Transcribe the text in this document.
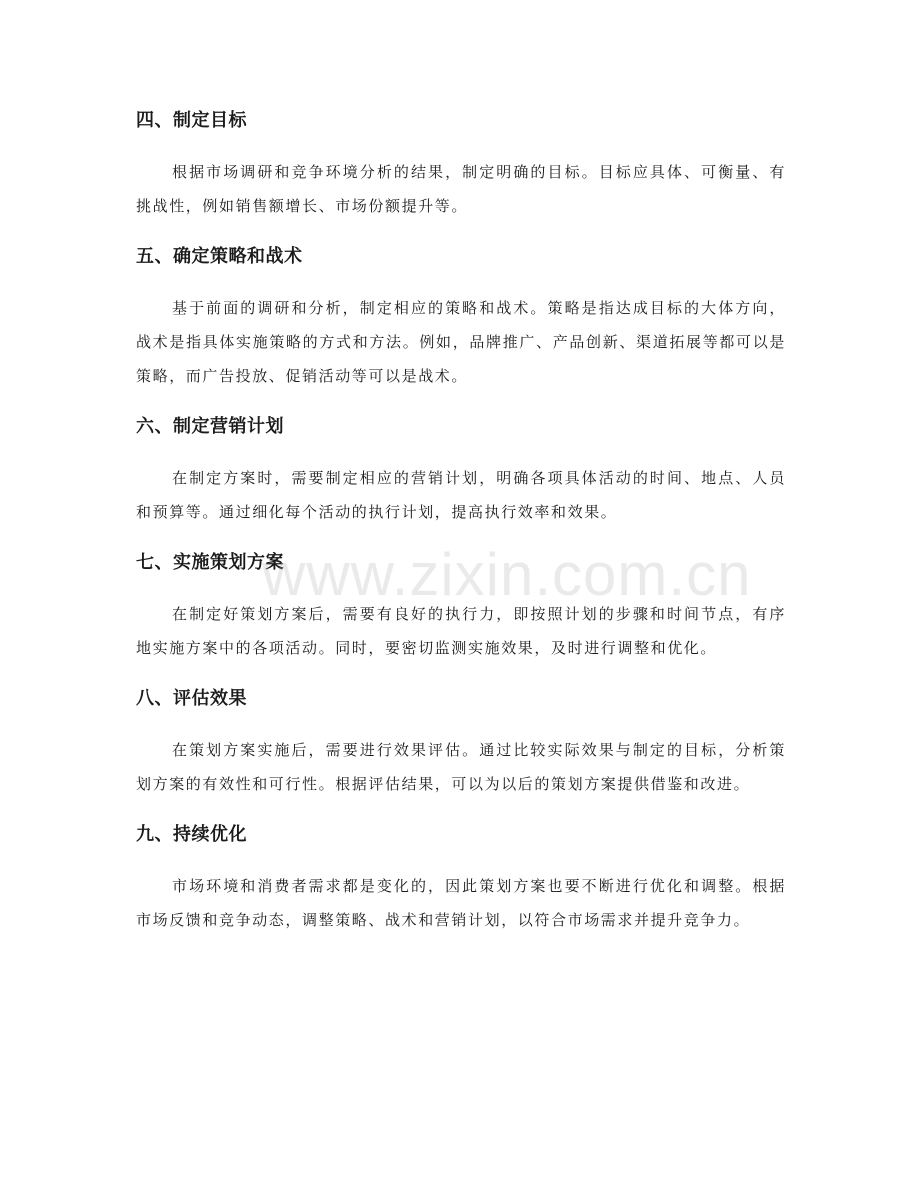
四、制定目标

根据市场调研和竞争环境分析的结果，制定明确的目标。目标应具体、可衡量、有挑战性，例如销售额增长、市场份额提升等。

五、确定策略和战术

基于前面的调研和分析，制定相应的策略和战术。策略是指达成目标的大体方向，战术是指具体实施策略的方式和方法。例如，品牌推广、产品创新、渠道拓展等都可以是策略，而广告投放、促销活动等可以是战术。

六、制定营销计划

在制定方案时，需要制定相应的营销计划，明确各项具体活动的时间、地点、人员和预算等。通过细化每个活动的执行计划，提高执行效率和效果。

七、实施策划方案

在制定好策划方案后，需要有良好的执行力，即按照计划的步骤和时间节点，有序地实施方案中的各项活动。同时，要密切监测实施效果，及时进行调整和优化。

八、评估效果

在策划方案实施后，需要进行效果评估。通过比较实际效果与制定的目标，分析策划方案的有效性和可行性。根据评估结果，可以为以后的策划方案提供借鉴和改进。

九、持续优化

市场环境和消费者需求都是变化的，因此策划方案也要不断进行优化和调整。根据市场反馈和竞争动态，调整策略、战术和营销计划，以符合市场需求并提升竞争力。

www.zixin.com.cn
